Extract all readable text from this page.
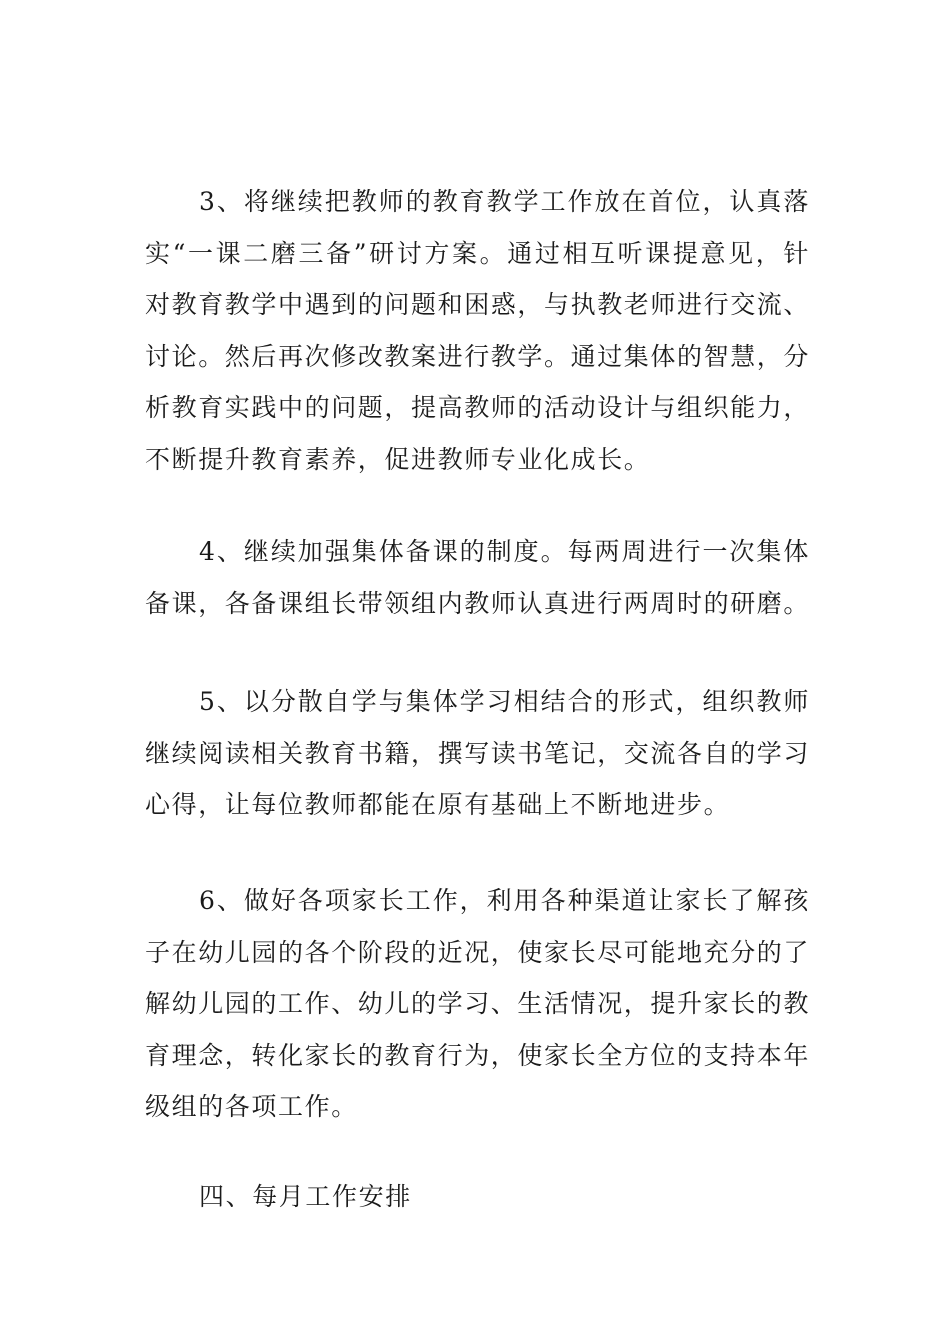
3、将继续把教师的教育教学工作放在首位，认真落实“一课二磨三备”研讨方案。通过相互听课提意见，针对教育教学中遇到的问题和困惑，与执教老师进行交流、讨论。然后再次修改教案进行教学。通过集体的智慧，分析教育实践中的问题，提高教师的活动设计与组织能力，不断提升教育素养，促进教师专业化成长。

4、继续加强集体备课的制度。每两周进行一次集体备课，各备课组长带领组内教师认真进行两周时的研磨。

5、以分散自学与集体学习相结合的形式，组织教师继续阅读相关教育书籍，撰写读书笔记，交流各自的学习心得，让每位教师都能在原有基础上不断地进步。

6、做好各项家长工作，利用各种渠道让家长了解孩子在幼儿园的各个阶段的近况，使家长尽可能地充分的了解幼儿园的工作、幼儿的学习、生活情况，提升家长的教育理念，转化家长的教育行为，使家长全方位的支持本年级组的各项工作。

四、每月工作安排
